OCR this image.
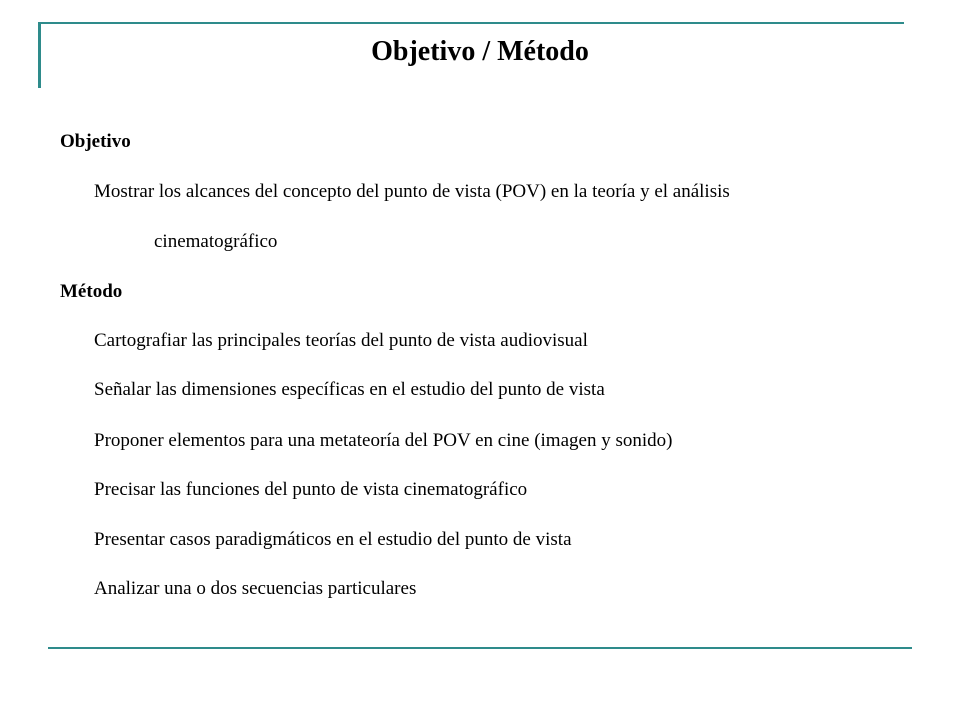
Objetivo / Método
Objetivo
Mostrar los alcances del concepto del punto de vista (POV) en la teoría y el análisis
cinematográfico
Método
Cartografiar las principales teorías del punto de vista audiovisual
Señalar las dimensiones específicas en el estudio del punto de vista
Proponer elementos para una metateoría del POV en cine (imagen y sonido)
Precisar las funciones del punto de vista cinematográfico
Presentar casos paradigmáticos en el estudio del punto de vista
Analizar una o dos secuencias particulares
